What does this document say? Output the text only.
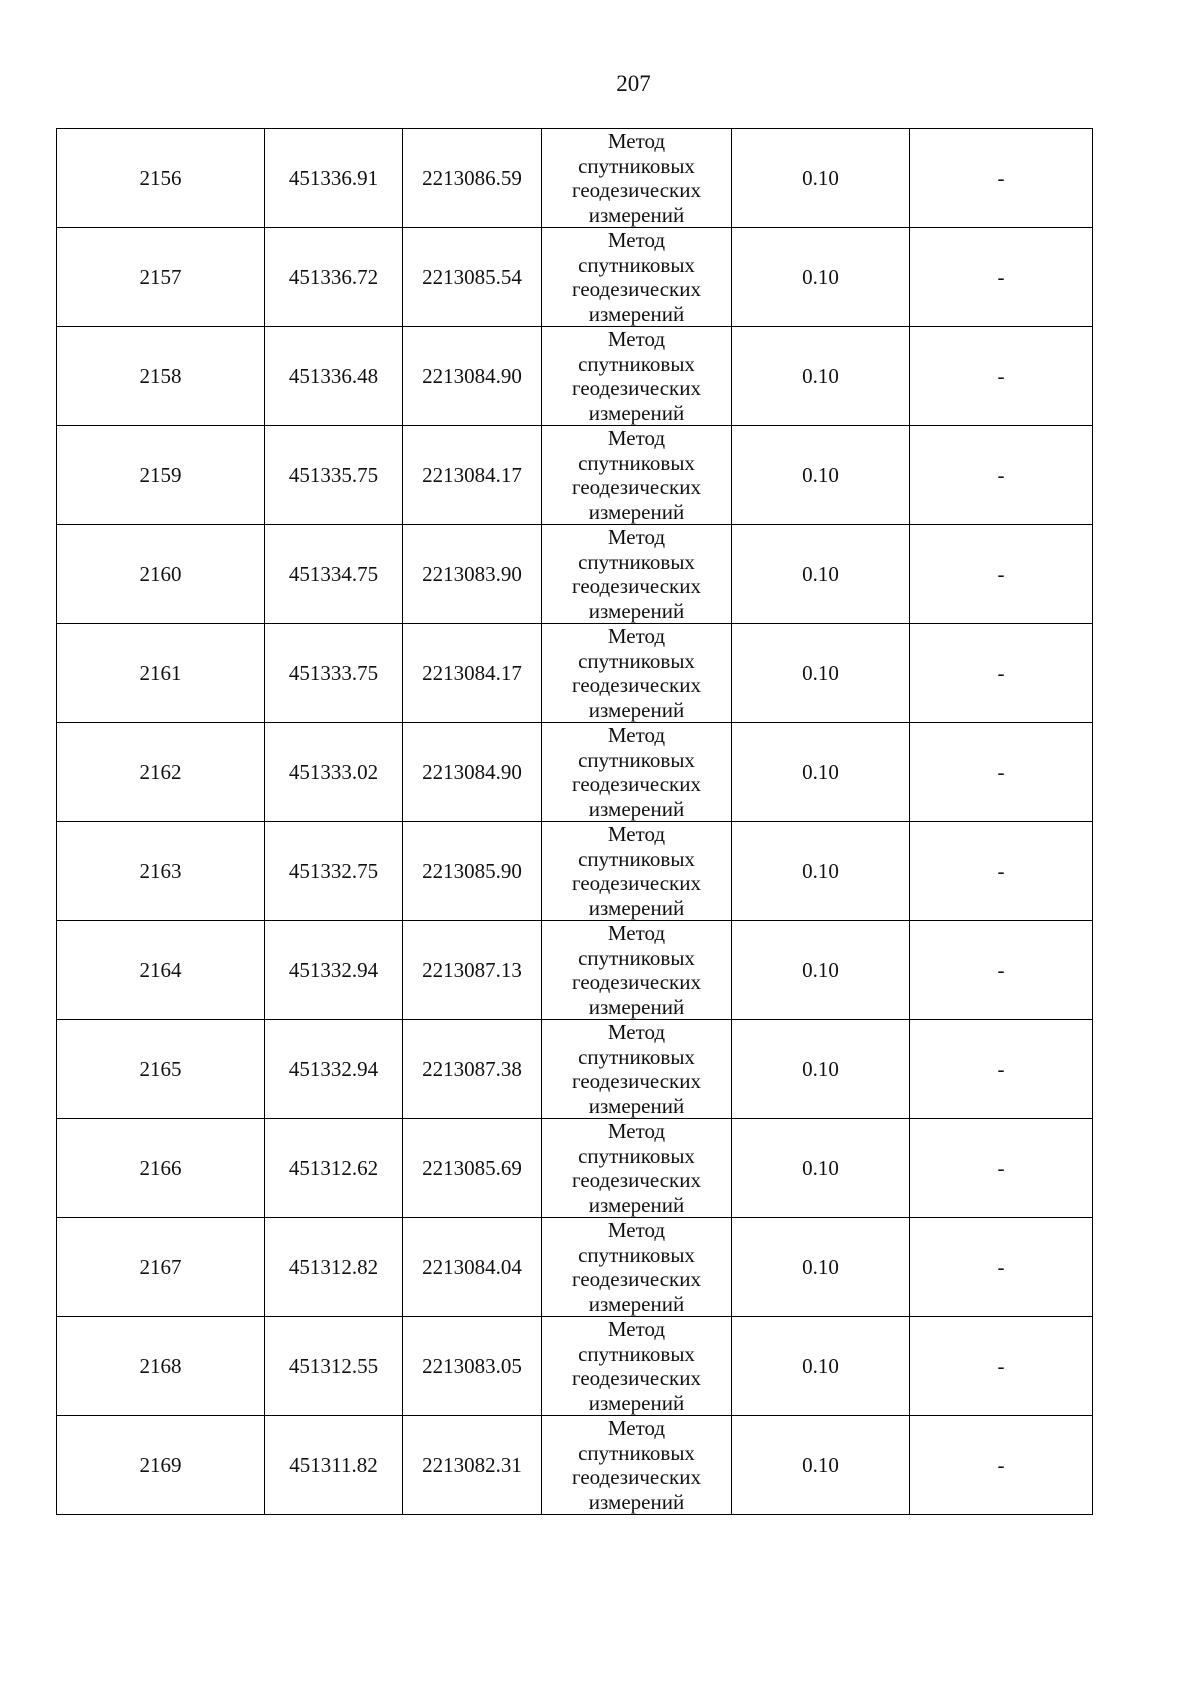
207
2156	451336.91	2213086.59	Метод
спутниковых
геодезических
измерений	0.10	-
2157	451336.72	2213085.54	Метод
спутниковых
геодезических
измерений	0.10	-
2158	451336.48	2213084.90	Метод
спутниковых
геодезических
измерений	0.10	-
2159	451335.75	2213084.17	Метод
спутниковых
геодезических
измерений	0.10	-
2160	451334.75	2213083.90	Метод
спутниковых
геодезических
измерений	0.10	-
2161	451333.75	2213084.17	Метод
спутниковых
геодезических
измерений	0.10	-
2162	451333.02	2213084.90	Метод
спутниковых
геодезических
измерений	0.10	-
2163	451332.75	2213085.90	Метод
спутниковых
геодезических
измерений	0.10	-
2164	451332.94	2213087.13	Метод
спутниковых
геодезических
измерений	0.10	-
2165	451332.94	2213087.38	Метод
спутниковых
геодезических
измерений	0.10	-
2166	451312.62	2213085.69	Метод
спутниковых
геодезических
измерений	0.10	-
2167	451312.82	2213084.04	Метод
спутниковых
геодезических
измерений	0.10	-
2168	451312.55	2213083.05	Метод
спутниковых
геодезических
измерений	0.10	-
2169	451311.82	2213082.31	Метод
спутниковых
геодезических
измерений	0.10	-
